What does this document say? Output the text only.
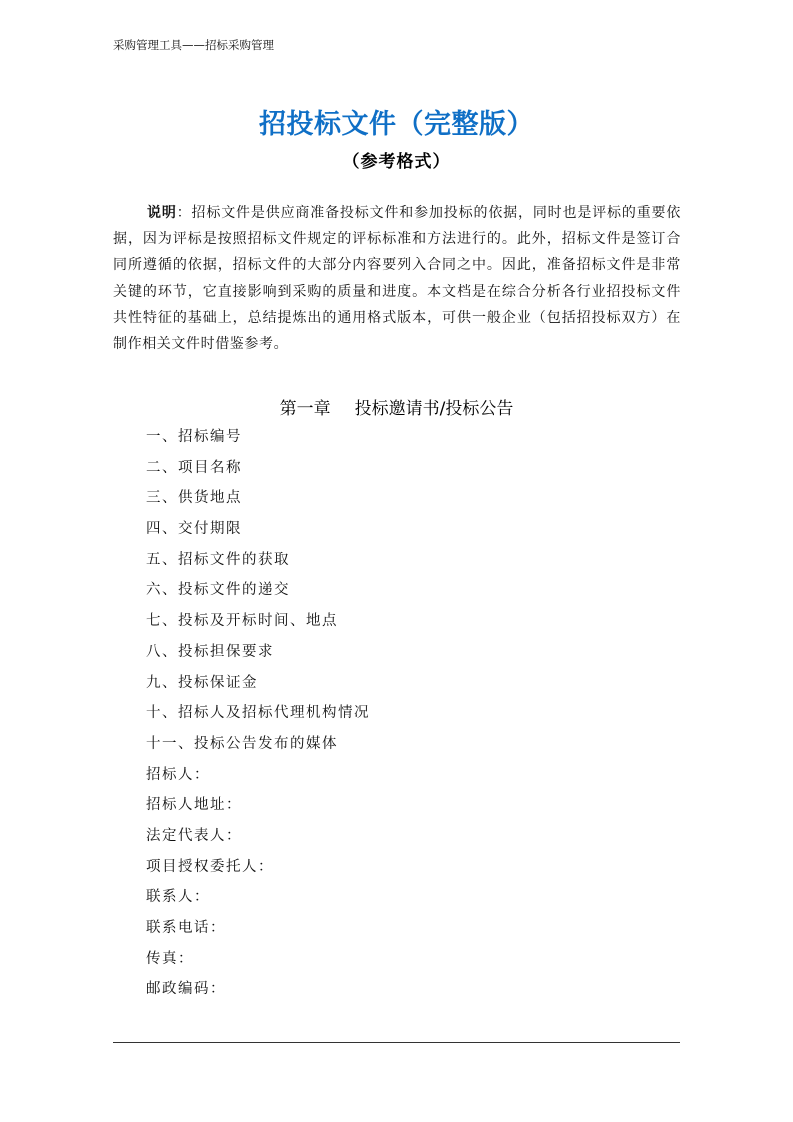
采购管理工具——招标采购管理
招投标文件（完整版）
（参考格式）
说明：招标文件是供应商准备投标文件和参加投标的依据，同时也是评标的重要依据，因为评标是按照招标文件规定的评标标准和方法进行的。此外，招标文件是签订合同所遵循的依据，招标文件的大部分内容要列入合同之中。因此，准备招标文件是非常关键的环节，它直接影响到采购的质量和进度。本文档是在综合分析各行业招投标文件共性特征的基础上，总结提炼出的通用格式版本，可供一般企业（包括招投标双方）在制作相关文件时借鉴参考。
第一章 投标邀请书/投标公告
一、招标编号
二、项目名称
三、供货地点
四、交付期限
五、招标文件的获取
六、投标文件的递交
七、投标及开标时间、地点
八、投标担保要求
九、投标保证金
十、招标人及招标代理机构情况
十一、投标公告发布的媒体
招标人：
招标人地址：
法定代表人：
项目授权委托人：
联系人：
联系电话：
传真：
邮政编码：
